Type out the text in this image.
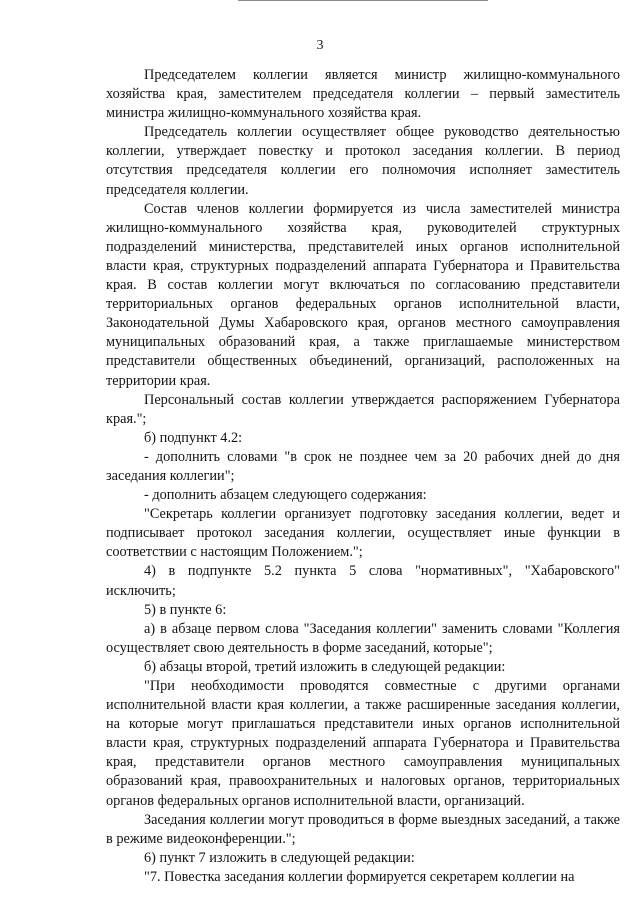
3

Председателем коллегии является министр жилищно-коммунального хозяйства края, заместителем председателя коллегии – первый заместитель министра жилищно-коммунального хозяйства края.

Председатель коллегии осуществляет общее руководство деятельностью коллегии, утверждает повестку и протокол заседания коллегии. В период отсутствия председателя коллегии его полномочия исполняет заместитель председателя коллегии.

Состав членов коллегии формируется из числа заместителей министра жилищно-коммунального хозяйства края, руководителей структурных подразделений министерства, представителей иных органов исполнительной власти края, структурных подразделений аппарата Губернатора и Правительства края. В состав коллегии могут включаться по согласованию представители территориальных органов федеральных органов исполнительной власти, Законодательной Думы Хабаровского края, органов местного самоуправления муниципальных образований края, а также приглашаемые министерством представители общественных объединений, организаций, расположенных на территории края.

Персональный состав коллегии утверждается распоряжением Губернатора края.";

б) подпункт 4.2:

- дополнить словами "в срок не позднее чем за 20 рабочих дней до дня заседания коллегии";

- дополнить абзацем следующего содержания:

"Секретарь коллегии организует подготовку заседания коллегии, ведет и подписывает протокол заседания коллегии, осуществляет иные функции в соответствии с настоящим Положением.";

4) в подпункте 5.2 пункта 5 слова "нормативных", "Хабаровского" исключить;

5) в пункте 6:

а) в абзаце первом слова "Заседания коллегии" заменить словами "Коллегия осуществляет свою деятельность в форме заседаний, которые";

б) абзацы второй, третий изложить в следующей редакции:

"При необходимости проводятся совместные с другими органами исполнительной власти края коллегии, а также расширенные заседания коллегии, на которые могут приглашаться представители иных органов исполнительной власти края, структурных подразделений аппарата Губернатора и Правительства края, представители органов местного самоуправления муниципальных образований края, правоохранительных и налоговых органов, территориальных органов федеральных органов исполнительной власти, организаций.

Заседания коллегии могут проводиться в форме выездных заседаний, а также в режиме видеоконференции.";

6) пункт 7 изложить в следующей редакции:

"7. Повестка заседания коллегии формируется секретарем коллегии на
